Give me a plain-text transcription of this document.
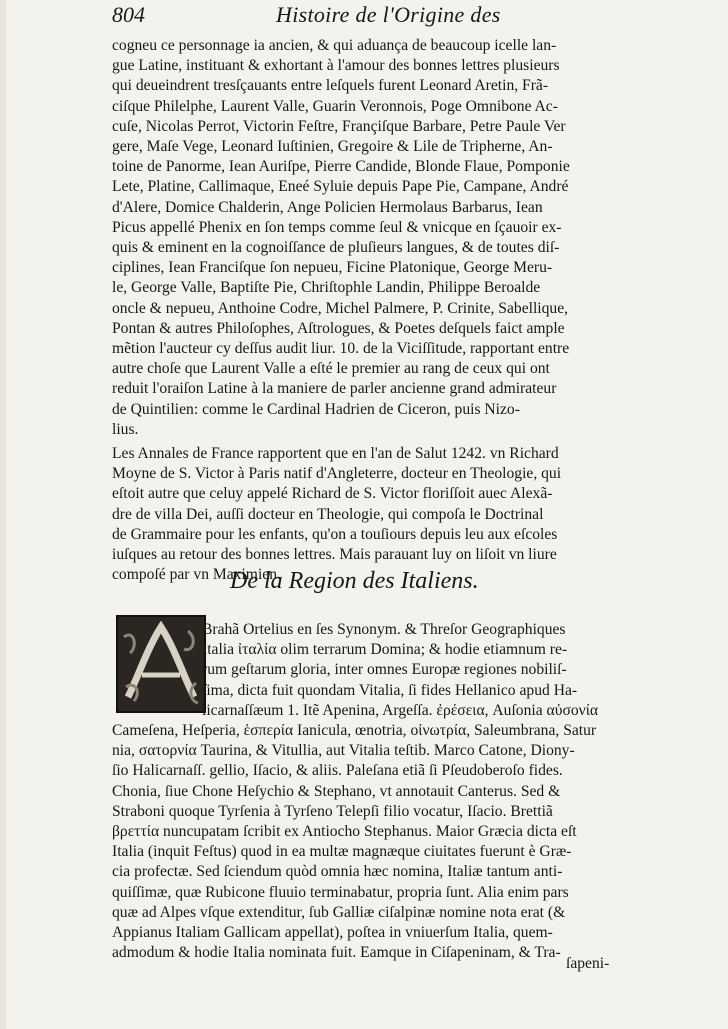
804	Histoire de l'Origine des
cogneu ce personnage ia ancien, & qui aduança de beaucoup icelle lan-
gue Latine, instituant & exhortant à l'amour des bonnes lettres plusieurs
qui deueindrent tresſçauants entre leſquels furent Leonard Aretin, Frã-
ciſque Philelphe, Laurent Valle, Guarin Veronnois, Poge Omnibone Ac-
cuſe, Nicolas Perrot, Victorin Feſtre, Françiſque Barbare, Petre Paule Ver
gere, Maſe Vege, Leonard Iuſtinien, Gregoire & Lile de Tripherne, An-
toine de Panorme, Iean Auriſpe, Pierre Candide, Blonde Flaue, Pomponie
Lete, Platine, Callimaque, Eneé Syluie depuis Pape Pie, Campane, André
d'Alere, Domice Chalderin, Ange Policien Hermolaus Barbarus, Iean
Picus appellé Phenix en ſon temps comme ſeul & vnicque en ſçauoir ex-
quis & eminent en la cognoiſſance de pluſieurs langues, & de toutes diſ-
ciplines, Iean Franciſque ſon nepueu, Ficine Platonique, George Meru-
le, George Valle, Baptiſte Pie, Chriſtophle Landin, Philippe Beroalde
oncle & nepueu, Anthoine Codre, Michel Palmere, P. Crinite, Sabellique,
Pontan & autres Philoſophes, Aſtrologues, & Poetes deſquels faict ample
mẽtion l'aucteur cy deſſus audit liur. 10. de la Viciſſitude, rapportant entre
autre choſe que Laurent Valle a eſté le premier au rang de ceux qui ont
reduit l'oraiſon Latine à la maniere de parler ancienne grand admirateur
de Quintilien: comme le Cardinal Hadrien de Ciceron, puis Nizo-
lius.
Les Annales de France rapportent que en l'an de Salut 1242. vn Richard
Moyne de S. Victor à Paris natif d'Angleterre, docteur en Theologie, qui
eſtoit autre que celuy appelé Richard de S. Victor floriſſoit auec Alexã-
dre de villa Dei, auſſi docteur en Theologie, qui compoſa le Doctrinal
de Grammaire pour les enfants, qu'on a touſiours depuis leu aux eſcoles
iuſques au retour des bonnes lettres. Mais parauant luy on liſoit vn liure
compoſé par vn Maximien.
De la Region des Italiens.
Brahã Ortelius en ſes Synonym. & Threſor Geographiques
Italia ἰταλία olim terrarum Domina; & hodie etiamnum re-
rum geſtarum gloria, inter omnes Europæ regiones nobiliſ-
ſima, dicta fuit quondam Vitalia, ſi fides Hellanico apud Ha-
licarnaſſæum 1. Itẽ Apenina, Argeſſa. ἐρέσεια, Auſonia αὐσονία
Cameſena, Heſperia, ἑσπερία Ianicula, œnotria, οἰνωτρία, Saleumbrana, Satur
nia, σατορνία Taurina, & Vitullia, aut Vitalia teſtib. Marco Catone, Diony-
ſio Halicarnaſſ. gellio, Iſacio, & aliis. Paleſana etiã ſi Pſeudoberoſo fides.
Chonia, ſiue Chone Heſychio & Stephano, vt annotauit Canterus. Sed &
Straboni quoque Tyrſenia à Tyrſeno Telepſi filio vocatur, Iſacio. Brettiã
βρεττία nuncupatam ſcribit ex Antiocho Stephanus. Maior Græcia dicta eſt
Italia (inquit Feſtus) quod in ea multæ magnæque ciuitates fuerunt è Græ-
cia profectæ. Sed ſciendum quòd omnia hæc nomina, Italiæ tantum anti-
quiſſimæ, quæ Rubicone fluuio terminabatur, propria ſunt. Alia enim pars
quæ ad Alpes vſque extenditur, ſub Galliæ ciſalpinæ nomine nota erat (&
Appianus Italiam Gallicam appellat), poſtea in vniuerſum Italia, quem-
admodum & hodie Italia nominata fuit. Eamque in Ciſapeninam, & Tra-
ſapeni-
